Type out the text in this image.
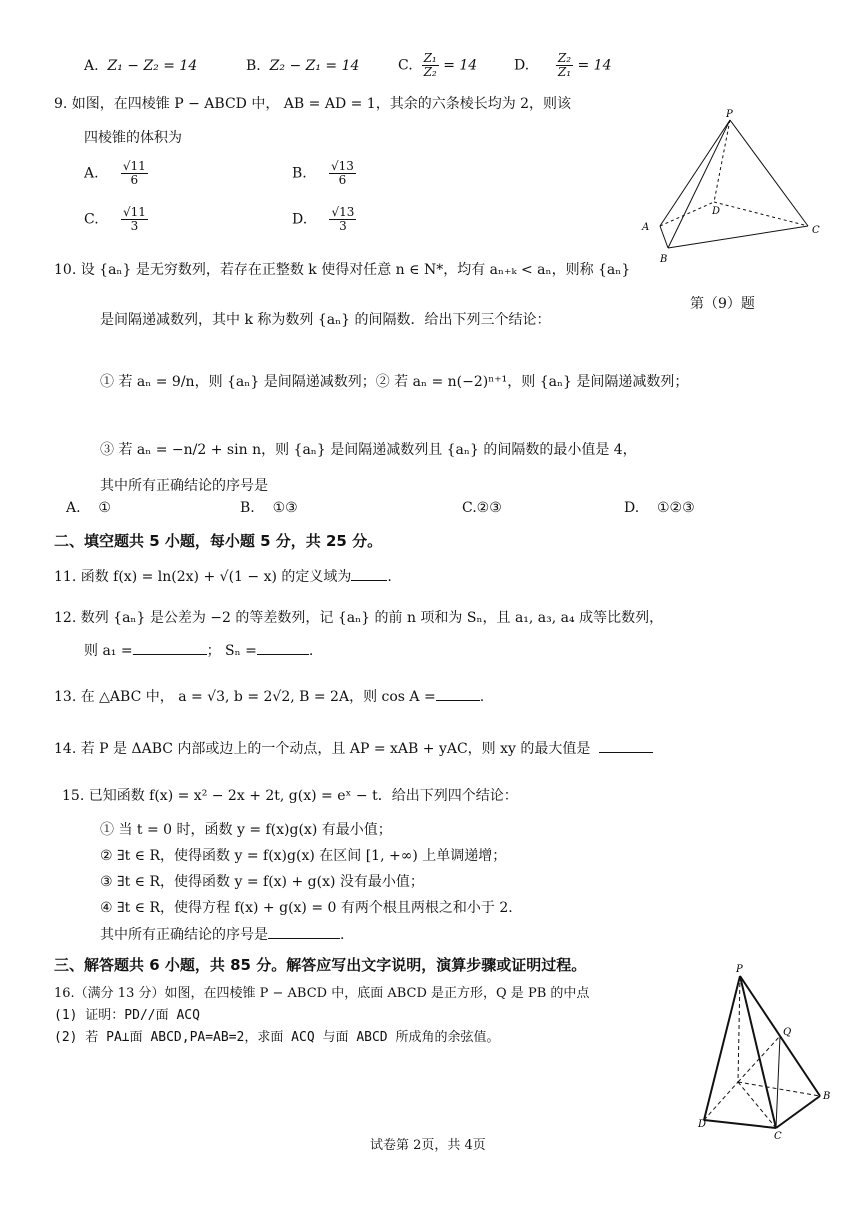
A. Z₁ − Z₂ = 14	B. Z₂ − Z₁ = 14	C. $\frac{\text{Z₁}}{\text{Z₂}} = 14$	D. $\frac{\text{Z₂}}{\text{Z₁}} = 14$
9. 如图，在四棱锥 P − ABCD 中， AB = AD = 1，其余的六条棱长均为 2，则该
四棱锥的体积为
A. $\frac{√11}{6}$	B. $\frac{√13}{6}$
C. $\frac{√11}{3}$	D. $\frac{√13}{3}$
P
D
A
B
C
第（9）题
10. 设 {aₙ} 是无穷数列，若存在正整数 k 使得对任意 n ∈ N*，均有 aₙ₊ₖ < aₙ，则称 {aₙ}
是间隔递减数列，其中 k 称为数列 {aₙ} 的间隔数．给出下列三个结论：
① 若 aₙ = 9/n，则 {aₙ} 是间隔递减数列；② 若 aₙ = n(−2)ⁿ⁺¹，则 {aₙ} 是间隔递减数列；
③ 若 aₙ = −n/2 + sin n，则 {aₙ} 是间隔递减数列且 {aₙ} 的间隔数的最小值是 4，
其中所有正确结论的序号是
A. ①	B. ①③	C.②③	D. ①②③
二、填空题共 5 小题，每小题 5 分，共 25 分。
11. 函数 f(x) = ln(2x) + √(1 − x) 的定义域为	.
12. 数列 {aₙ} 是公差为 −2 的等差数列，记 {aₙ} 的前 n 项和为 Sₙ，且 a₁, a₃, a₄ 成等比数列，
则 a₁ =	； Sₙ =	.
13. 在 △ABC 中， a = √3, b = 2√2, B = 2A，则 cos A =	.
14. 若 P 是 ΔABC 内部或边上的一个动点，且 AP = xAB + yAC，则 xy 的最大值是
15. 已知函数 f(x) = x² − 2x + 2t, g(x) = eˣ − t．给出下列四个结论：
① 当 t = 0 时，函数 y = f(x)g(x) 有最小值；
② ∃t ∈ R，使得函数 y = f(x)g(x) 在区间 [1, +∞) 上单调递增；
③ ∃t ∈ R，使得函数 y = f(x) + g(x) 没有最小值；
④ ∃t ∈ R，使得方程 f(x) + g(x) = 0 有两个根且两根之和小于 2.
其中所有正确结论的序号是	.
三、解答题共 6 小题，共 85 分。解答应写出文字说明，演算步骤或证明过程。
16.（满分 13 分）如图，在四棱锥 P − ABCD 中，底面 ABCD 是正方形，Q 是 PB 的中点
(1) 证明：PD//面 ACQ
(2) 若 PA⊥面 ABCD,PA=AB=2，求面 ACQ 与面 ABCD 所成角的余弦值。
P
Q
B
C
D
试卷第 2页，共 4页
